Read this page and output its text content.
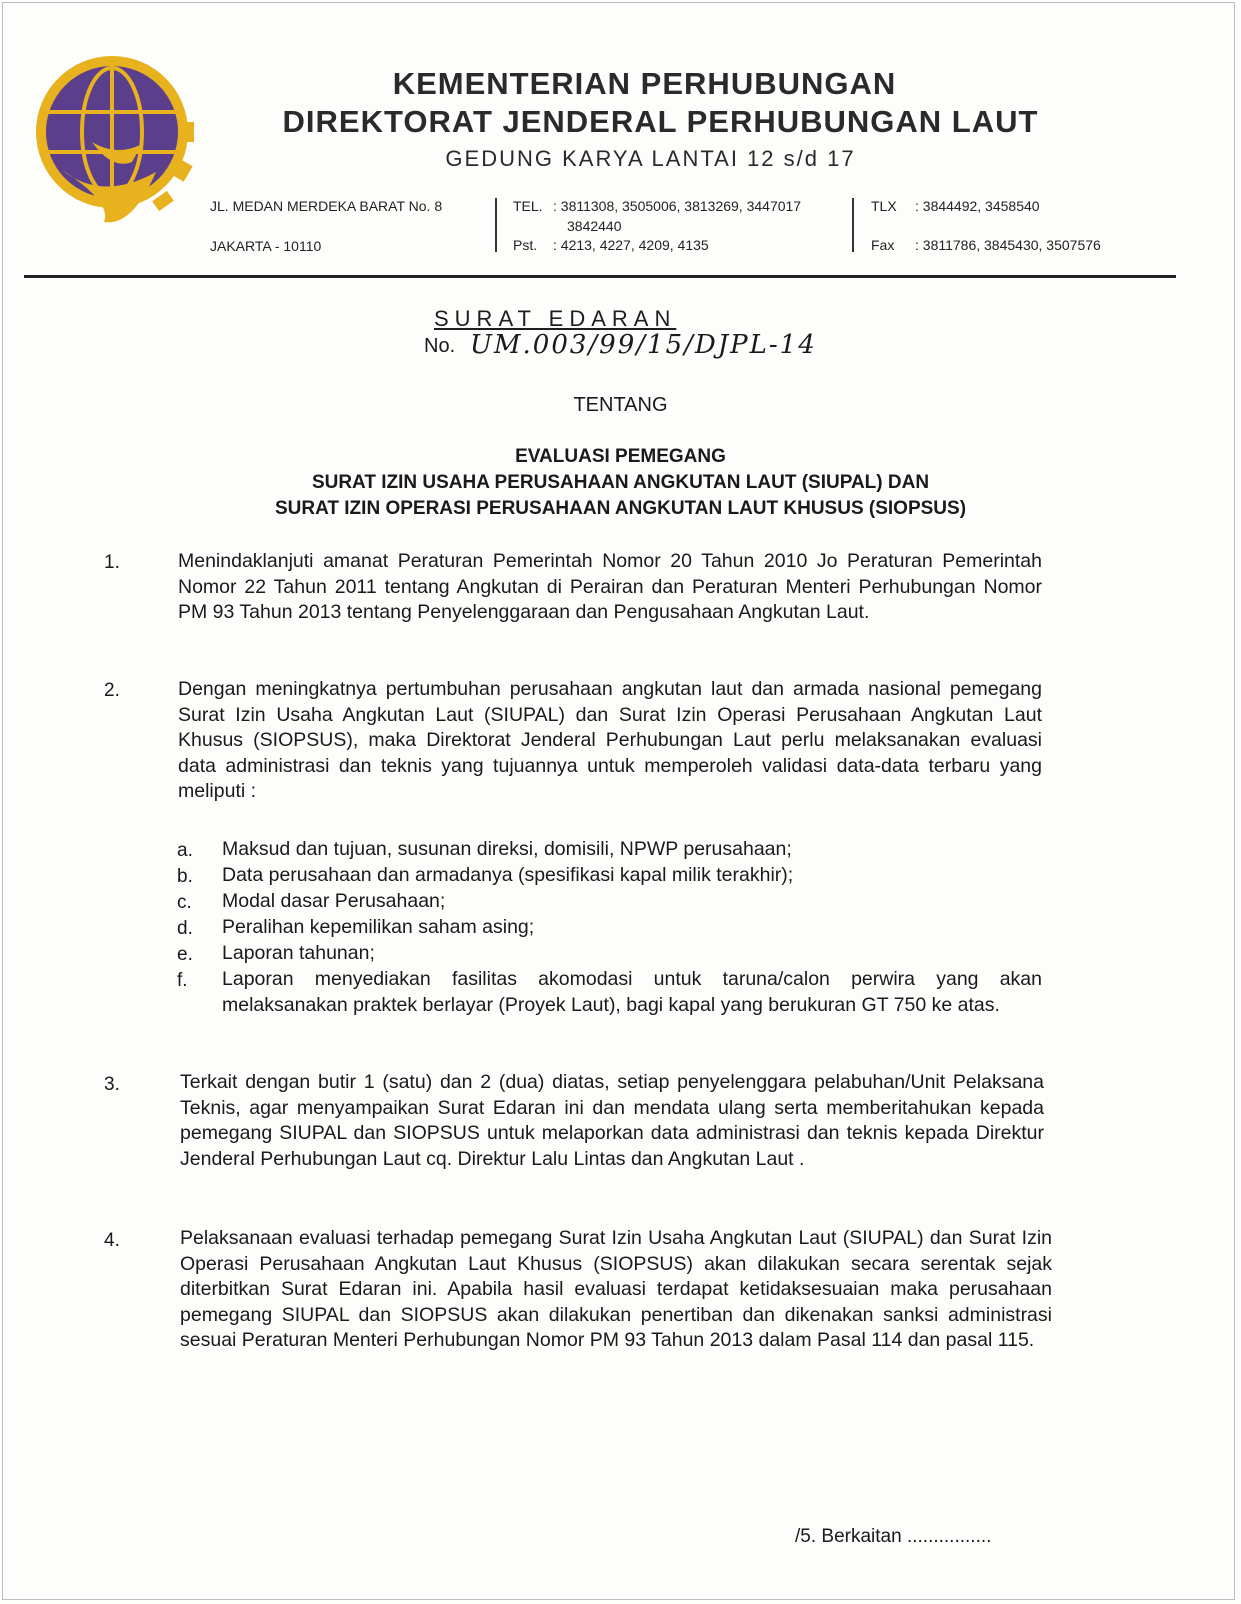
KEMENTERIAN PERHUBUNGAN
DIREKTORAT JENDERAL PERHUBUNGAN LAUT
GEDUNG KARYA LANTAI 12 s/d 17
JL. MEDAN MERDEKA BARAT No. 8
JAKARTA - 10110
TEL. : 3811308, 3505006, 3813269, 3447017
3842440
Pst. : 4213, 4227, 4209, 4135
TLX : 3844492, 3458540
Fax : 3811786, 3845430, 3507576
SURAT EDARAN
No. UM.003/99/15/DJPL-14
TENTANG
EVALUASI PEMEGANG
SURAT IZIN USAHA PERUSAHAAN ANGKUTAN LAUT (SIUPAL) DAN
SURAT IZIN OPERASI PERUSAHAAN ANGKUTAN LAUT KHUSUS (SIOPSUS)
1.	Menindaklanjuti amanat Peraturan Pemerintah Nomor 20 Tahun 2010 Jo Peraturan Pemerintah Nomor 22 Tahun 2011 tentang Angkutan di Perairan dan Peraturan Menteri Perhubungan Nomor PM 93 Tahun 2013 tentang Penyelenggaraan dan Pengusahaan Angkutan Laut.
2.	Dengan meningkatnya pertumbuhan perusahaan angkutan laut dan armada nasional pemegang Surat Izin Usaha Angkutan Laut (SIUPAL) dan Surat Izin Operasi Perusahaan Angkutan Laut Khusus (SIOPSUS), maka Direktorat Jenderal Perhubungan Laut perlu melaksanakan evaluasi data administrasi dan teknis yang tujuannya untuk memperoleh validasi data-data terbaru yang meliputi :
a. Maksud dan tujuan, susunan direksi, domisili, NPWP perusahaan;
b. Data perusahaan dan armadanya (spesifikasi kapal milik terakhir);
c. Modal dasar Perusahaan;
d. Peralihan kepemilikan saham asing;
e. Laporan tahunan;
f. Laporan menyediakan fasilitas akomodasi untuk taruna/calon perwira yang akan melaksanakan praktek berlayar (Proyek Laut), bagi kapal yang berukuran GT 750 ke atas.
3.	Terkait dengan butir 1 (satu) dan 2 (dua) diatas, setiap penyelenggara pelabuhan/Unit Pelaksana Teknis, agar menyampaikan Surat Edaran ini dan mendata ulang serta memberitahukan kepada pemegang SIUPAL dan SIOPSUS untuk melaporkan data administrasi dan teknis kepada Direktur Jenderal Perhubungan Laut cq. Direktur Lalu Lintas dan Angkutan Laut .
4.	Pelaksanaan evaluasi terhadap pemegang Surat Izin Usaha Angkutan Laut (SIUPAL) dan Surat Izin Operasi Perusahaan Angkutan Laut Khusus (SIOPSUS) akan dilakukan secara serentak sejak diterbitkan Surat Edaran ini. Apabila hasil evaluasi terdapat ketidaksesuaian maka perusahaan pemegang SIUPAL dan SIOPSUS akan dilakukan penertiban dan dikenakan sanksi administrasi sesuai Peraturan Menteri Perhubungan Nomor PM 93 Tahun 2013 dalam Pasal 114 dan pasal 115.
/5. Berkaitan ................
